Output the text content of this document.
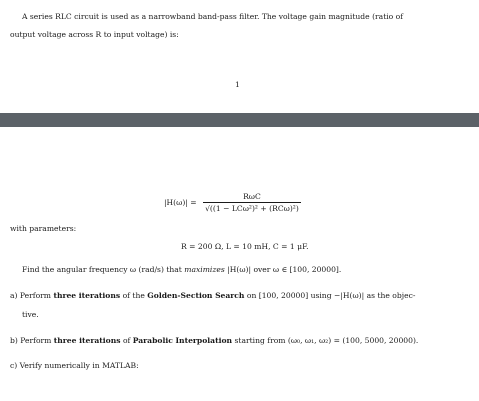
A series RLC circuit is used as a narrowband band-pass filter. The voltage gain magnitude (ratio of
output voltage across R to input voltage) is:
1
$|H(\omega)| = \frac{\text{RωC}}{\text{√((1 − LCω²)² + (RCω)²)}}$
with parameters:
R = 200 Ω, L = 10 mH, C = 1 μF.
Find the angular frequency ω (rad/s) that maximizes |H(ω)| over ω ∈ [100, 20000].
a) Perform three iterations of the Golden-Section Search on [100, 20000] using −|H(ω)| as the objec-
tive.
b) Perform three iterations of Parabolic Interpolation starting from (ω₀, ω₁, ω₂) = (100, 5000, 20000).
c) Verify numerically in MATLAB:
